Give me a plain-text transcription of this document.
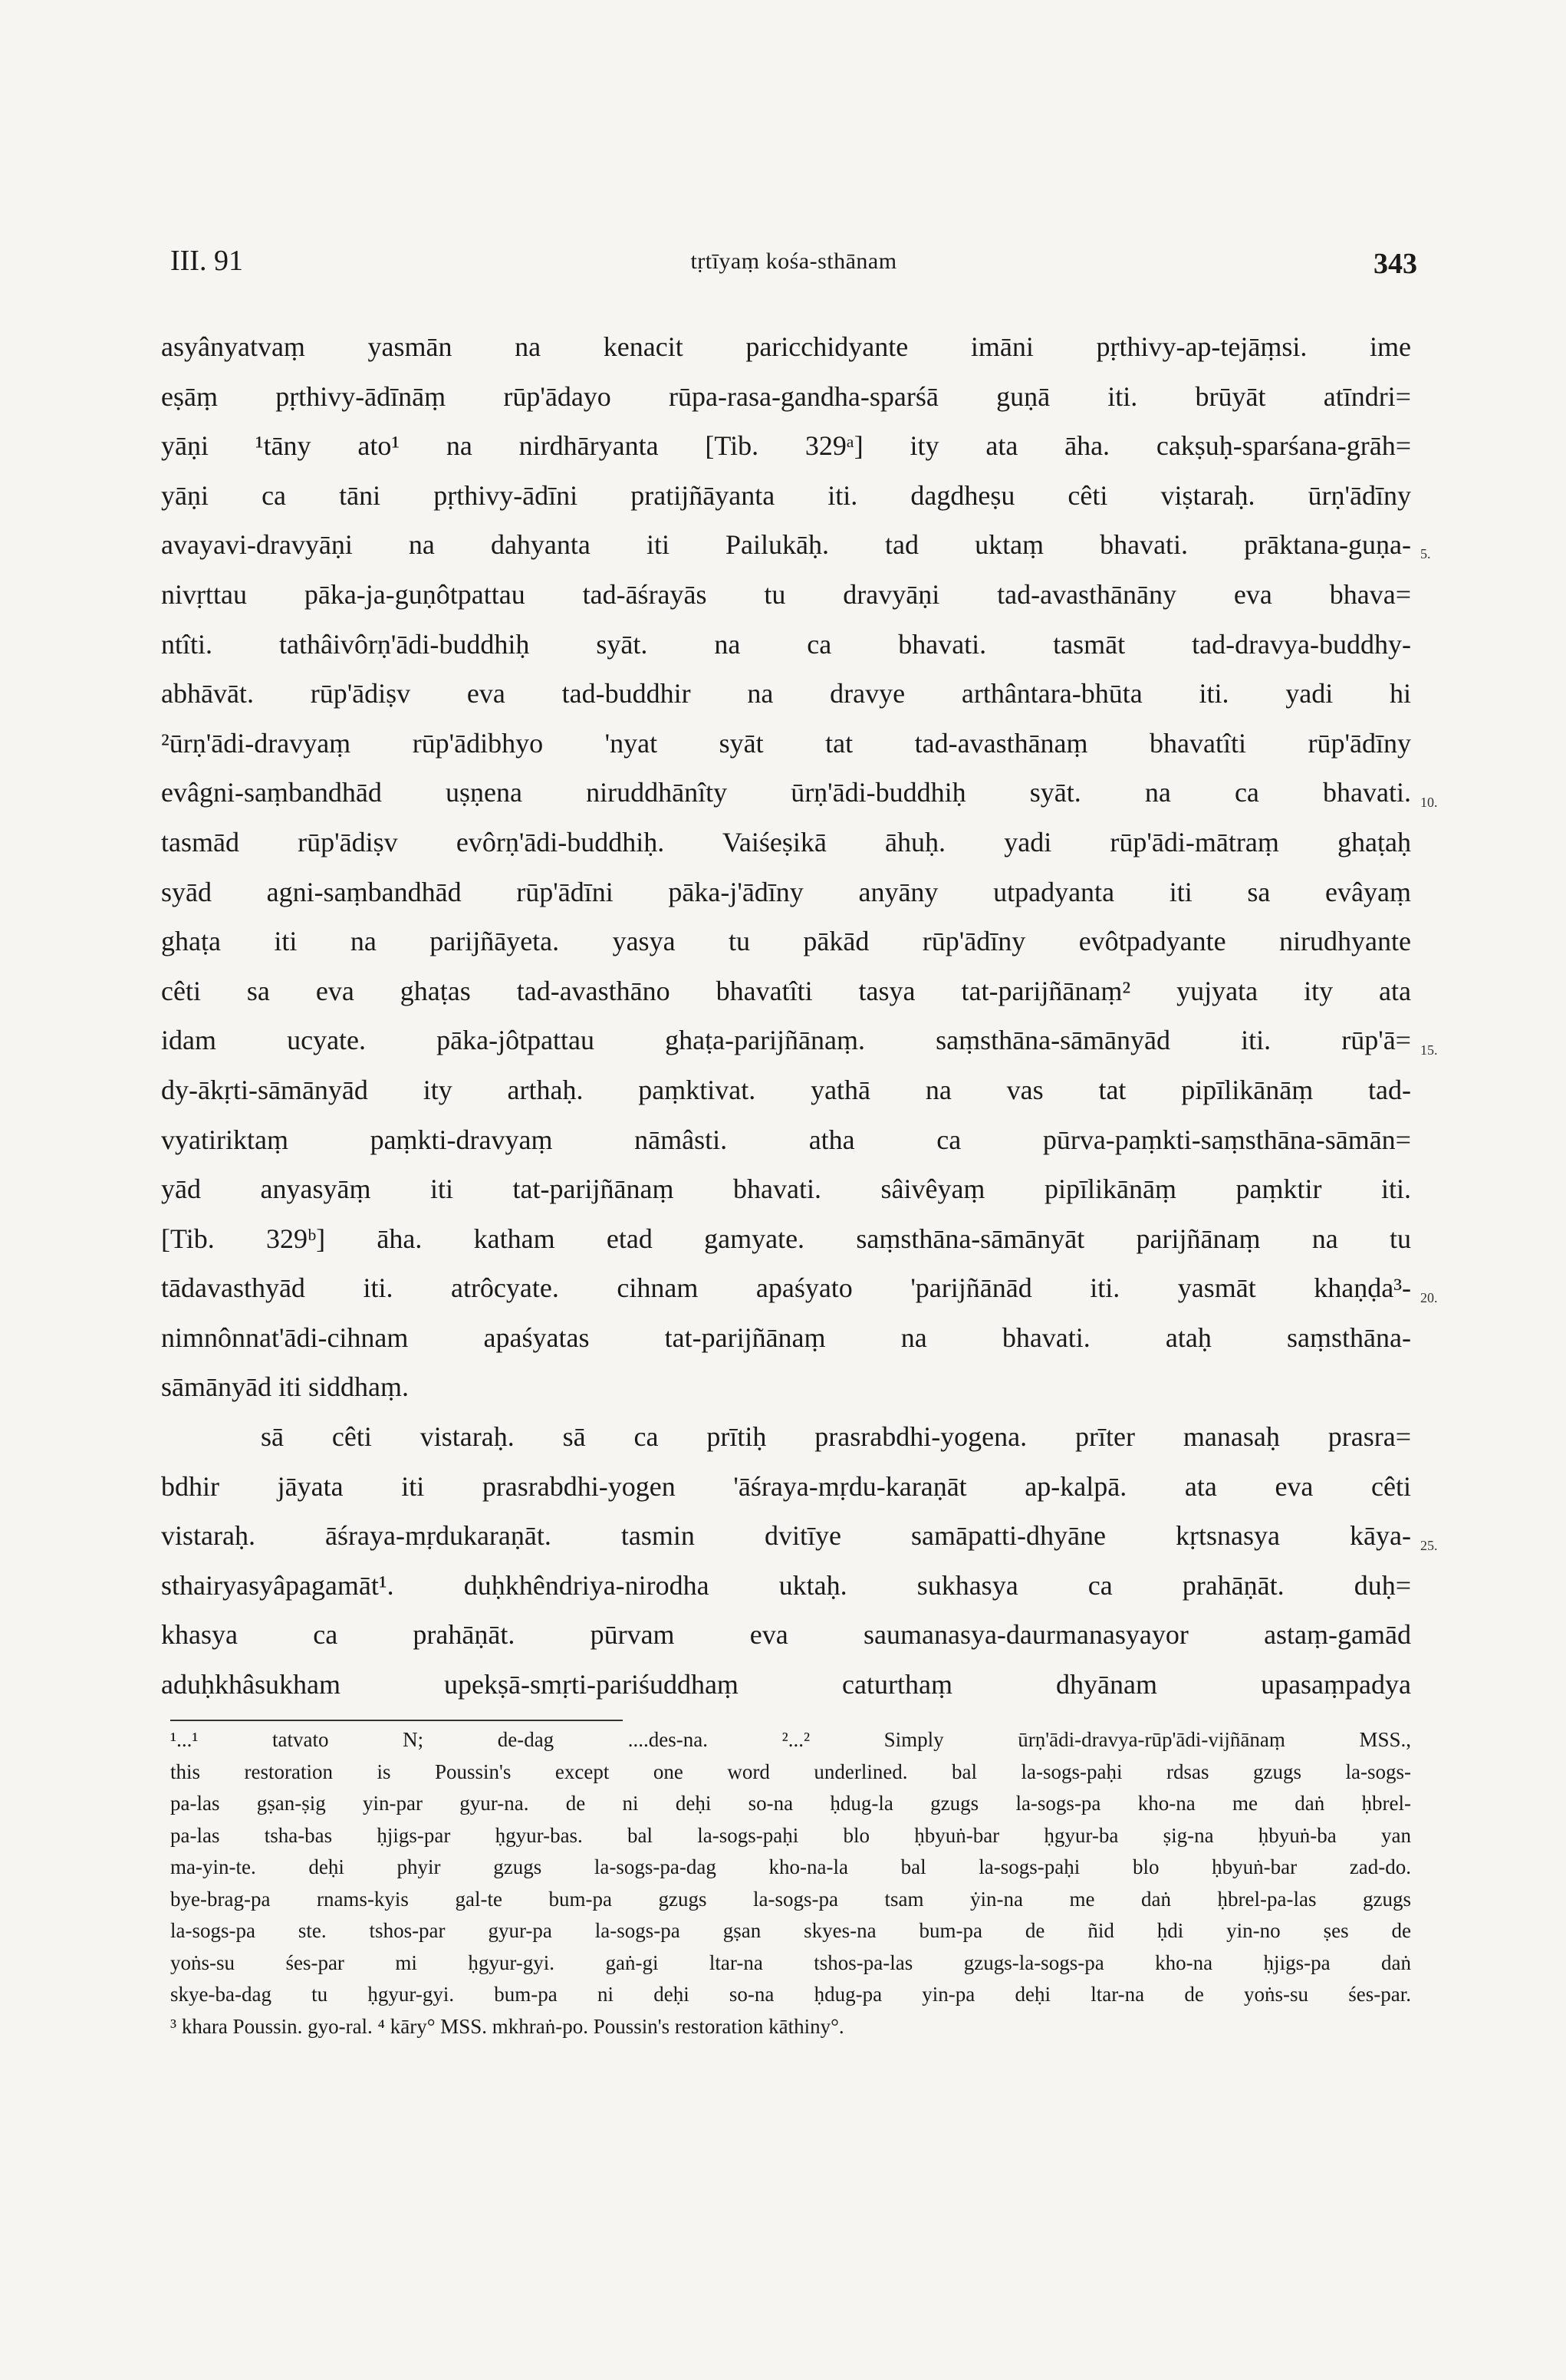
III. 91	tṛtīyaṃ kośa-sthānam	343
asyânyatvaṃ yasmān na kenacit paricchidyante imāni pṛthivy-ap-tejāṃsi. ime
eṣāṃ pṛthivy-ādīnāṃ rūp'ādayo rūpa-rasa-gandha-sparśā guṇā iti. brūyāt atīndri=
yāṇi ¹tāny ato¹ na nirdhāryanta [Tib. 329ᵃ] ity ata āha. cakṣuḥ-sparśana-grāh=
yāṇi ca tāni pṛthivy-ādīni pratijñāyanta iti. dagdheṣu cêti viṣtaraḥ. ūrṇ'ādīny
avayavi-dravyāṇi na dahyanta iti Pailukāḥ. tad uktaṃ bhavati. prāktana-guṇa-
nivṛttau pāka-ja-guṇôtpattau tad-āśrayās tu dravyāṇi tad-avasthānāny eva bhava=
ntîti. tathâivôrṇ'ādi-buddhiḥ syāt. na ca bhavati. tasmāt tad-dravya-buddhy-
abhāvāt. rūp'ādiṣv eva tad-buddhir na dravye arthântara-bhūta iti. yadi hi
²ūrṇ'ādi-dravyaṃ rūp'ādibhyo 'nyat syāt tat tad-avasthānaṃ bhavatîti rūp'ādīny
evâgni-saṃbandhād uṣṇena niruddhānîty ūrṇ'ādi-buddhiḥ syāt. na ca bhavati.
tasmād rūp'ādiṣv evôrṇ'ādi-buddhiḥ. Vaiśeṣikā āhuḥ. yadi rūp'ādi-mātraṃ ghaṭaḥ
syād agni-saṃbandhād rūp'ādīni pāka-j'ādīny anyāny utpadyanta iti sa evâyaṃ
ghaṭa iti na parijñāyeta. yasya tu pākād rūp'ādīny evôtpadyante nirudhyante
cêti sa eva ghaṭas tad-avasthāno bhavatîti tasya tat-parijñānaṃ² yujyata ity ata
idam ucyate. pāka-jôtpattau ghaṭa-parijñānaṃ. saṃsthāna-sāmānyād iti. rūp'ā=
dy-ākṛti-sāmānyād ity arthaḥ. paṃktivat. yathā na vas tat pipīlikānāṃ tad-
vyatiriktaṃ paṃkti-dravyaṃ nāmâsti. atha ca pūrva-paṃkti-saṃsthāna-sāmān=
yād anyasyāṃ iti tat-parijñānaṃ bhavati. sâivêyaṃ pipīlikānāṃ paṃktir iti.
[Tib. 329ᵇ] āha. katham etad gamyate. saṃsthāna-sāmānyāt parijñānaṃ na tu
tādavasthyād iti. atrôcyate. cihnam apaśyato 'parijñānād iti. yasmāt khaṇḍa³-
nimnônnat'ādi-cihnam apaśyatas tat-parijñānaṃ na bhavati. ataḥ saṃsthāna-
sāmānyād iti siddhaṃ.
sā cêti vistaraḥ. sā ca prītiḥ prasrabdhi-yogena. prīter manasaḥ prasra=
bdhir jāyata iti prasrabdhi-yogen 'āśraya-mṛdu-karaṇāt ap-kalpā. ata eva cêti
vistaraḥ. āśraya-mṛdukaraṇāt. tasmin dvitīye samāpatti-dhyāne kṛtsnasya kāya-
sthairyasyâpagamāt¹. duḥkhêndriya-nirodha uktaḥ. sukhasya ca prahāṇāt. duḥ=
khasya ca prahāṇāt. pūrvam eva saumanasya-daurmanasyayor astaṃ-gamād
aduḥkhâsukham upekṣā-smṛti-pariśuddhaṃ caturthaṃ dhyānam upasaṃpadya
5.
10.
15.
20.
25.
¹...¹ tatvato N; de-dag ....des-na. ²...² Simply ūrṇ'ādi-dravya-rūp'ādi-vijñānaṃ MSS.,
this restoration is Poussin's except one word underlined. bal la-sogs-paḥi rdsas gzugs la-sogs-
pa-las gṣan-ṣig yin-par gyur-na. de ni deḥi so-na ḥdug-la gzugs la-sogs-pa kho-na me daṅ ḥbrel-
pa-las tsha-bas ḥjigs-par ḥgyur-bas. bal la-sogs-paḥi blo ḥbyuṅ-bar ḥgyur-ba ṣig-na ḥbyuṅ-ba yan
ma-yin-te. deḥi phyir gzugs la-sogs-pa-dag kho-na-la bal la-sogs-paḥi blo ḥbyuṅ-bar zad-do.
bye-brag-pa rnams-kyis gal-te bum-pa gzugs la-sogs-pa tsam ẏin-na me daṅ ḥbrel-pa-las gzugs
la-sogs-pa ste. tshos-par gyur-pa la-sogs-pa gṣan skyes-na bum-pa de ñid ḥdi yin-no ṣes de
yoṅs-su śes-par mi ḥgyur-gyi. gaṅ-gi ltar-na tshos-pa-las gzugs-la-sogs-pa kho-na ḥjigs-pa daṅ
skye-ba-dag tu ḥgyur-gyi. bum-pa ni deḥi so-na ḥdug-pa yin-pa deḥi ltar-na de yoṅs-su śes-par.
³ khara Poussin. gyo-ral. ⁴ kāry° MSS. mkhraṅ-po. Poussin's restoration kāthiny°.
